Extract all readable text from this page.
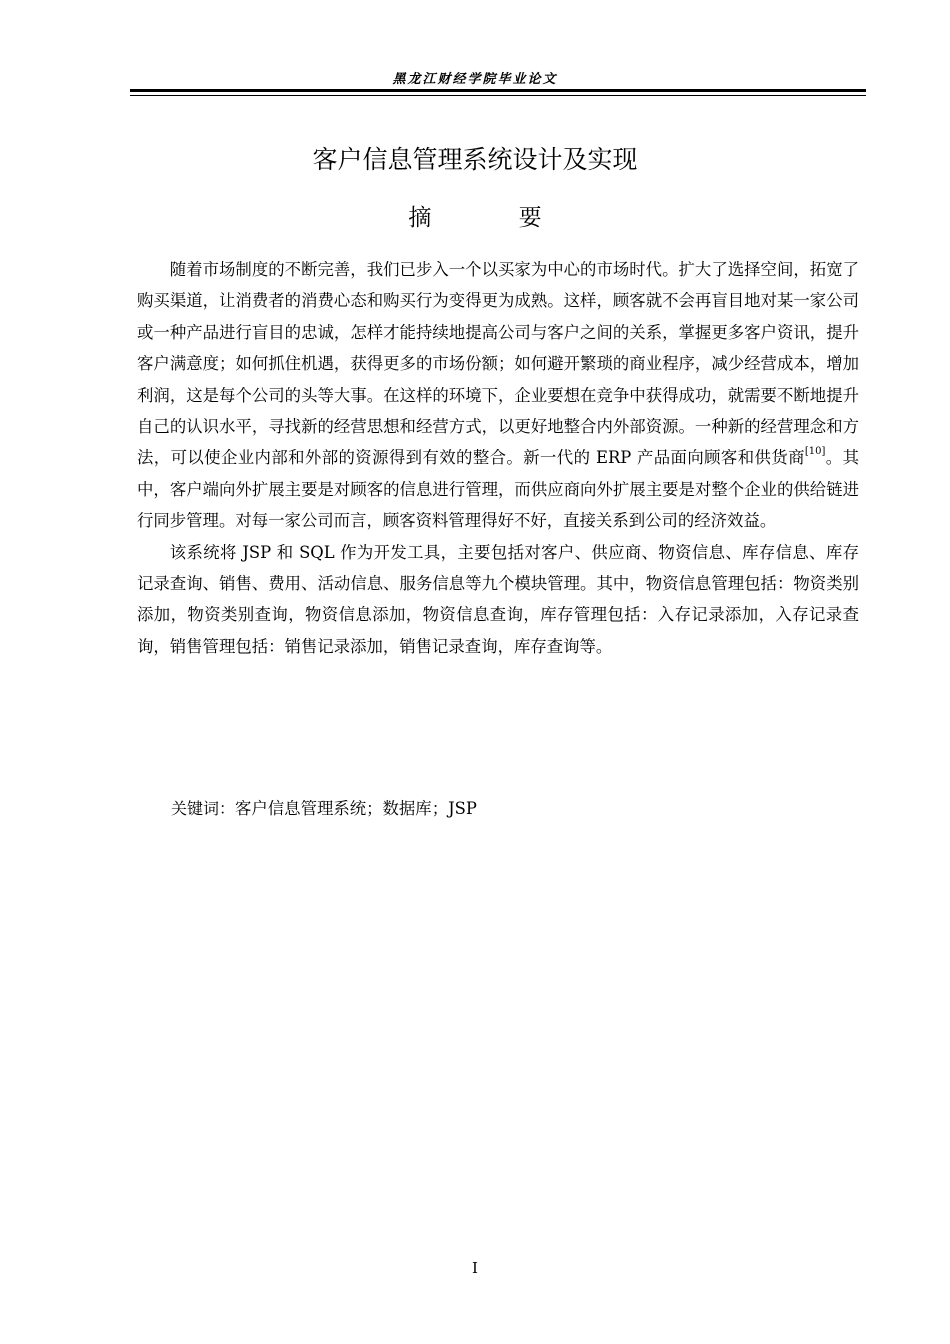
黑龙江财经学院毕业论文
客户信息管理系统设计及实现
摘 要

随着市场制度的不断完善，我们已步入一个以买家为中心的市场时代。扩大了选择空间，拓宽了购买渠道，让消费者的消费心态和购买行为变得更为成熟。这样，顾客就不会再盲目地对某一家公司或一种产品进行盲目的忠诚，怎样才能持续地提高公司与客户之间的关系，掌握更多客户资讯，提升客户满意度；如何抓住机遇，获得更多的市场份额；如何避开繁琐的商业程序，减少经营成本，增加利润，这是每个公司的头等大事。在这样的环境下，企业要想在竞争中获得成功，就需要不断地提升自己的认识水平，寻找新的经营思想和经营方式，以更好地整合内外部资源。一种新的经营理念和方法，可以使企业内部和外部的资源得到有效的整合。新一代的 ERP 产品面向顾客和供货商[10]。其中，客户端向外扩展主要是对顾客的信息进行管理，而供应商向外扩展主要是对整个企业的供给链进行同步管理。对每一家公司而言，顾客资料管理得好不好，直接关系到公司的经济效益。

该系统将 JSP 和 SQL 作为开发工具，主要包括对客户、供应商、物资信息、库存信息、库存记录查询、销售、费用、活动信息、服务信息等九个模块管理。其中，物资信息管理包括：物资类别添加，物资类别查询，物资信息添加，物资信息查询，库存管理包括：入存记录添加，入存记录查询，销售管理包括：销售记录添加，销售记录查询，库存查询等。

关键词：客户信息管理系统；数据库；JSP
I
